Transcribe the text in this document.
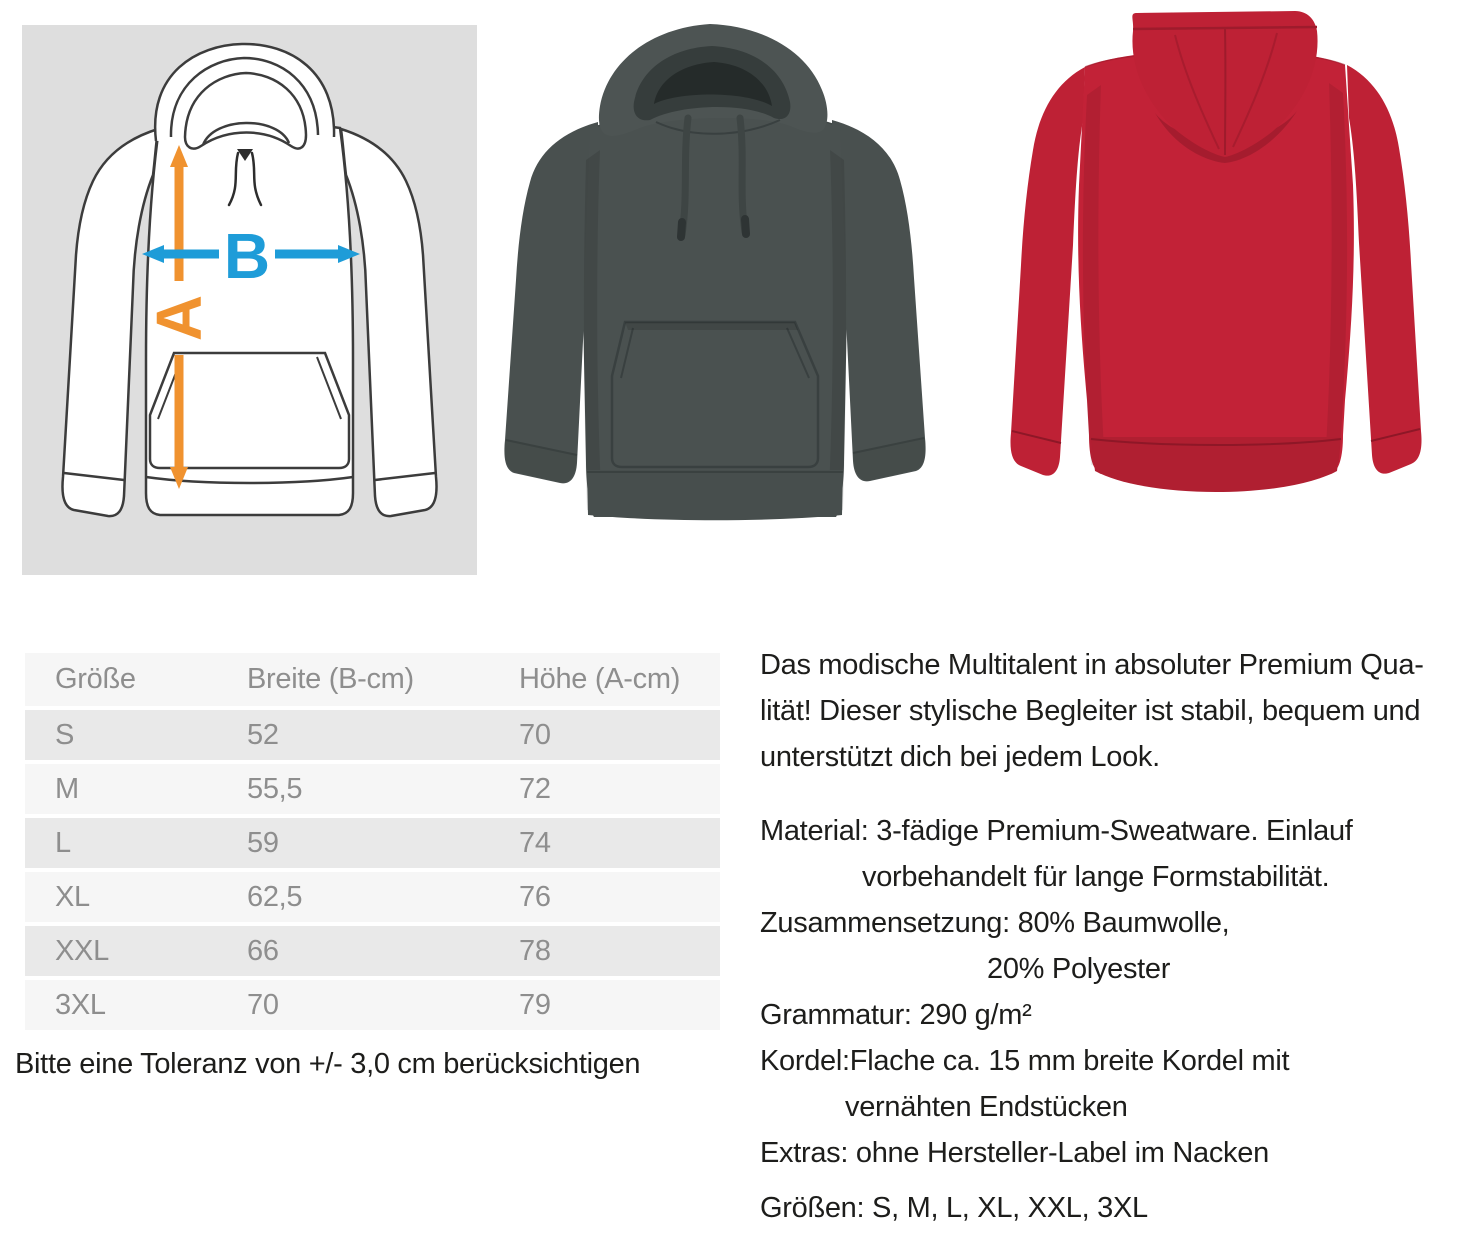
A
B
Größe	Breite (B-cm)	Höhe (A-cm)
S	52	70
M	55,5	72
L	59	74
XL	62,5	76
XXL	66	78
3XL	70	79
Bitte eine Toleranz von +/- 3,0 cm berücksichtigen
Das modische Multitalent in absoluter Premium Qua-
lität! Dieser stylische Begleiter ist stabil, bequem und
unterstützt dich bei jedem Look.
Material: 3-fädige Premium-Sweatware. Einlauf
vorbehandelt für lange Formstabilität.
Zusammensetzung: 80% Baumwolle,
20% Polyester
Grammatur: 290 g/m²
Kordel:Flache ca. 15 mm breite Kordel mit
vernähten Endstücken
Extras: ohne Hersteller-Label im Nacken
Größen: S, M, L, XL, XXL, 3XL
